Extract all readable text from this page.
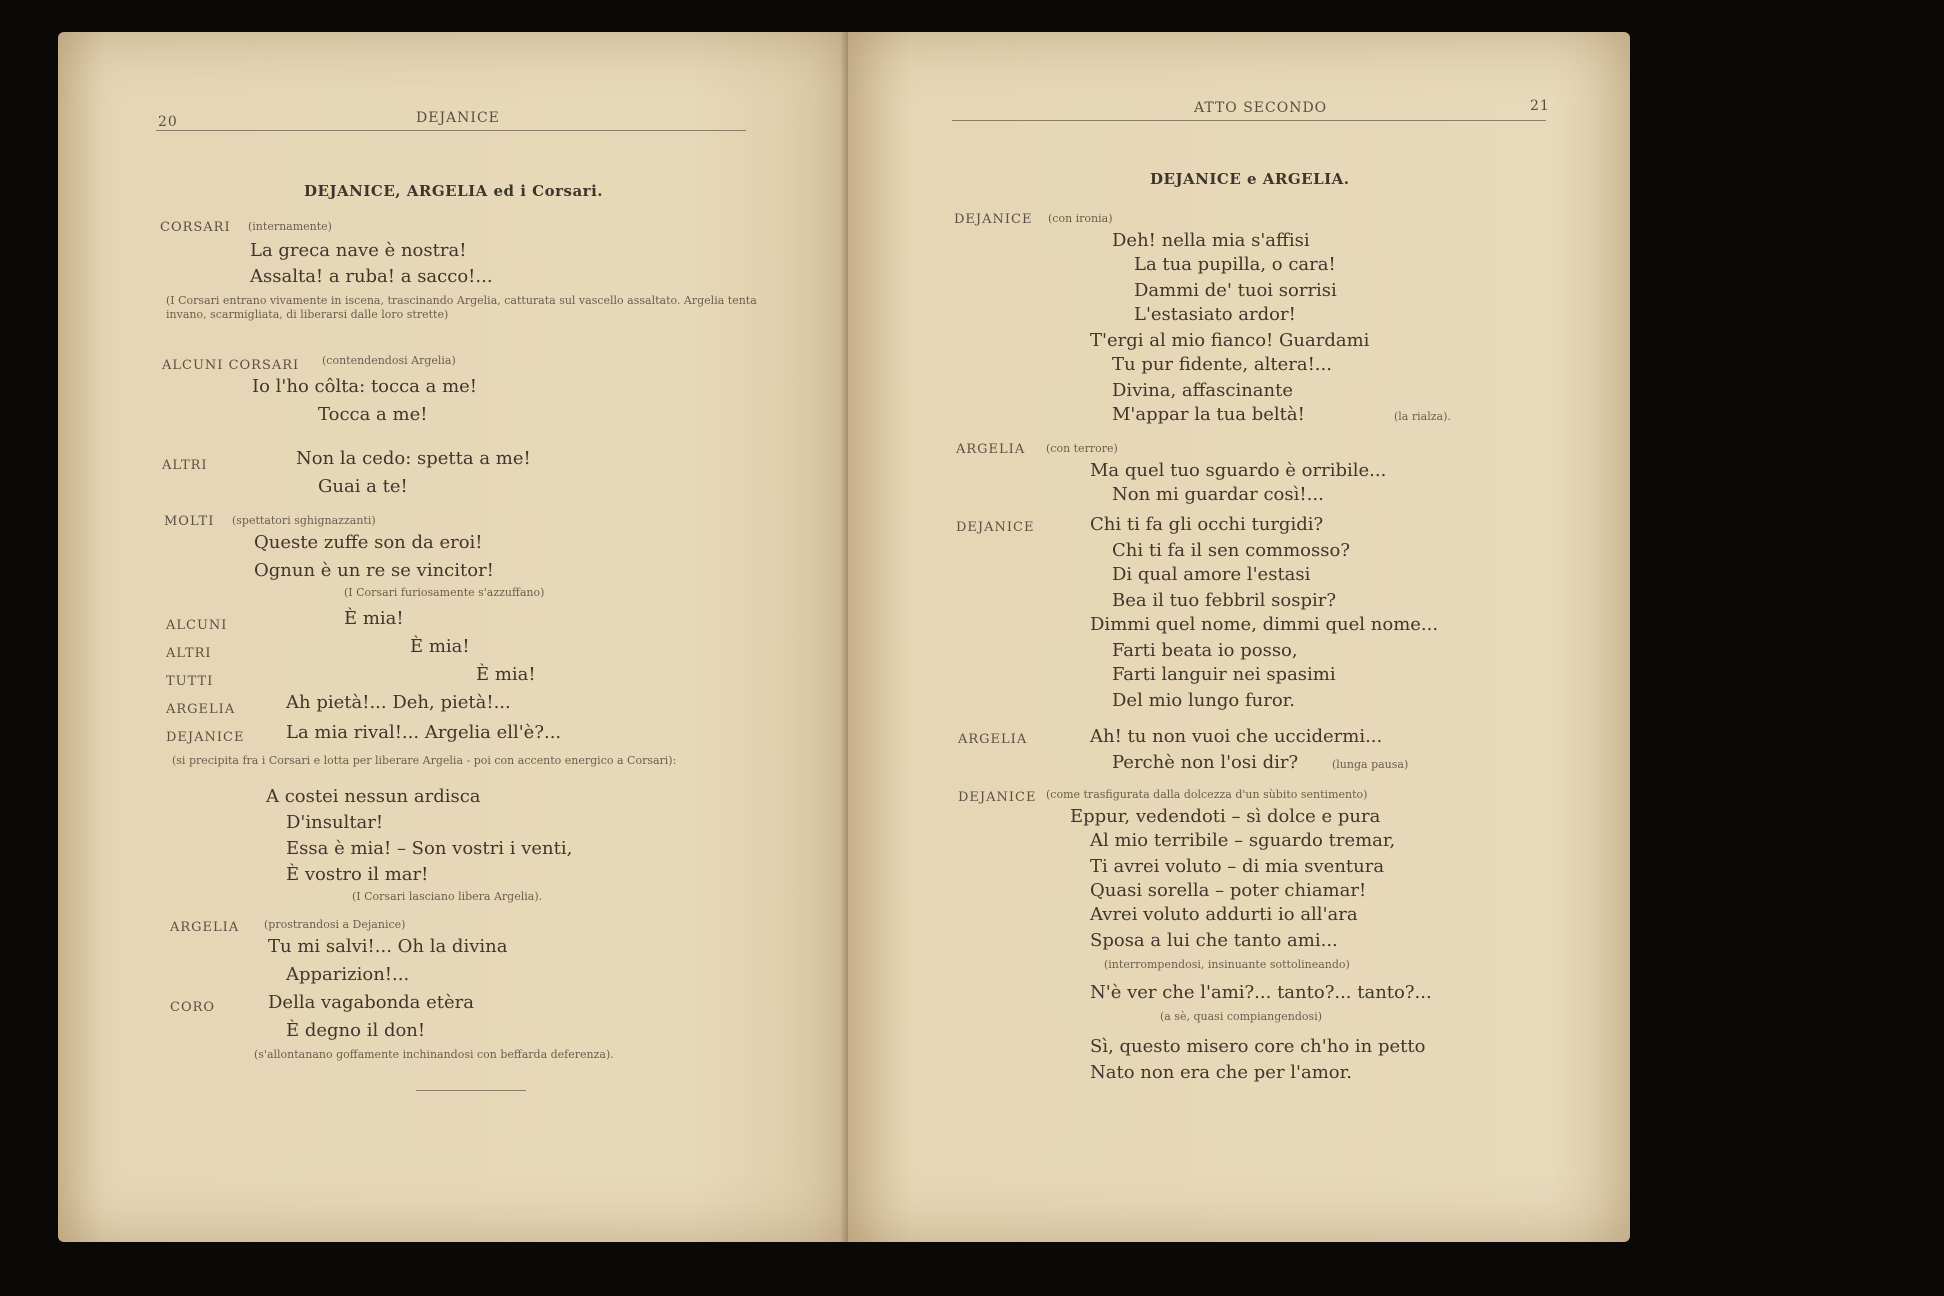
20	DEJANICE
DEJANICE, ARGELIA ed i Corsari.
CORSARI (internamente)
La greca nave è nostra!
Assalta! a ruba! a sacco!...
(I Corsari entrano vivamente in iscena, trascinando Argelia, catturata sul vascello assaltato. Argelia tenta invano, scarmigliata, di liberarsi dalle loro strette)
ALCUNI CORSARI (contendendosi Argelia)
Io l'ho côlta: tocca a me!
Tocca a me!
ALTRI	Non la cedo: spetta a me!
Guai a te!
MOLTI (spettatori sghignazzanti)
Queste zuffe son da eroi!
Ognun è un re se vincitor!
(I Corsari furiosamente s'azzuffano)
ALCUNI	È mia!
ALTRI	È mia!
TUTTI	È mia!
ARGELIA	Ah pietà!... Deh, pietà!...
DEJANICE La mia rival!... Argelia ell'è?...
(si precipita fra i Corsari e lotta per liberare Argelia - poi con accento energico a Corsari):
A costei nessun ardisca
D'insultar!
Essa è mia! – Son vostri i venti,
È vostro il mar!
(I Corsari lasciano libera Argelia).
ARGELIA (prostrandosi a Dejanice)
Tu mi salvi!... Oh la divina
Apparizion!...
CORO	Della vagabonda etèra
È degno il don!
(s'allontanano goffamente inchinandosi con beffarda deferenza).
ATTO SECONDO	21
DEJANICE e ARGELIA.
DEJANICE (con ironia)
Deh! nella mia s'affisi
La tua pupilla, o cara!
Dammi de' tuoi sorrisi
L'estasiato ardor!
T'ergi al mio fianco! Guardami
Tu pur fidente, altera!...
Divina, affascinante
M'appar la tua beltà!	(la rialza).
ARGELIA (con terrore)
Ma quel tuo sguardo è orribile...
Non mi guardar così!...
DEJANICE	Chi ti fa gli occhi turgidi?
Chi ti fa il sen commosso?
Di qual amore l'estasi
Bea il tuo febbril sospir?
Dimmi quel nome, dimmi quel nome...
Farti beata io posso,
Farti languir nei spasimi
Del mio lungo furor.
ARGELIA	Ah! tu non vuoi che uccidermi...
Perchè non l'osi dir?	(lunga pausa)
DEJANICE (come trasfigurata dalla dolcezza d'un sùbito sentimento)
Eppur, vedendoti – sì dolce e pura
Al mio terribile – sguardo tremar,
Ti avrei voluto – di mia sventura
Quasi sorella – poter chiamar!
Avrei voluto addurti io all'ara
Sposa a lui che tanto ami...
(interrompendosi, insinuante sottolineando)
N'è ver che l'ami?... tanto?... tanto?...
(a sè, quasi compiangendosi)
Sì, questo misero core ch'ho in petto
Nato non era che per l'amor.
